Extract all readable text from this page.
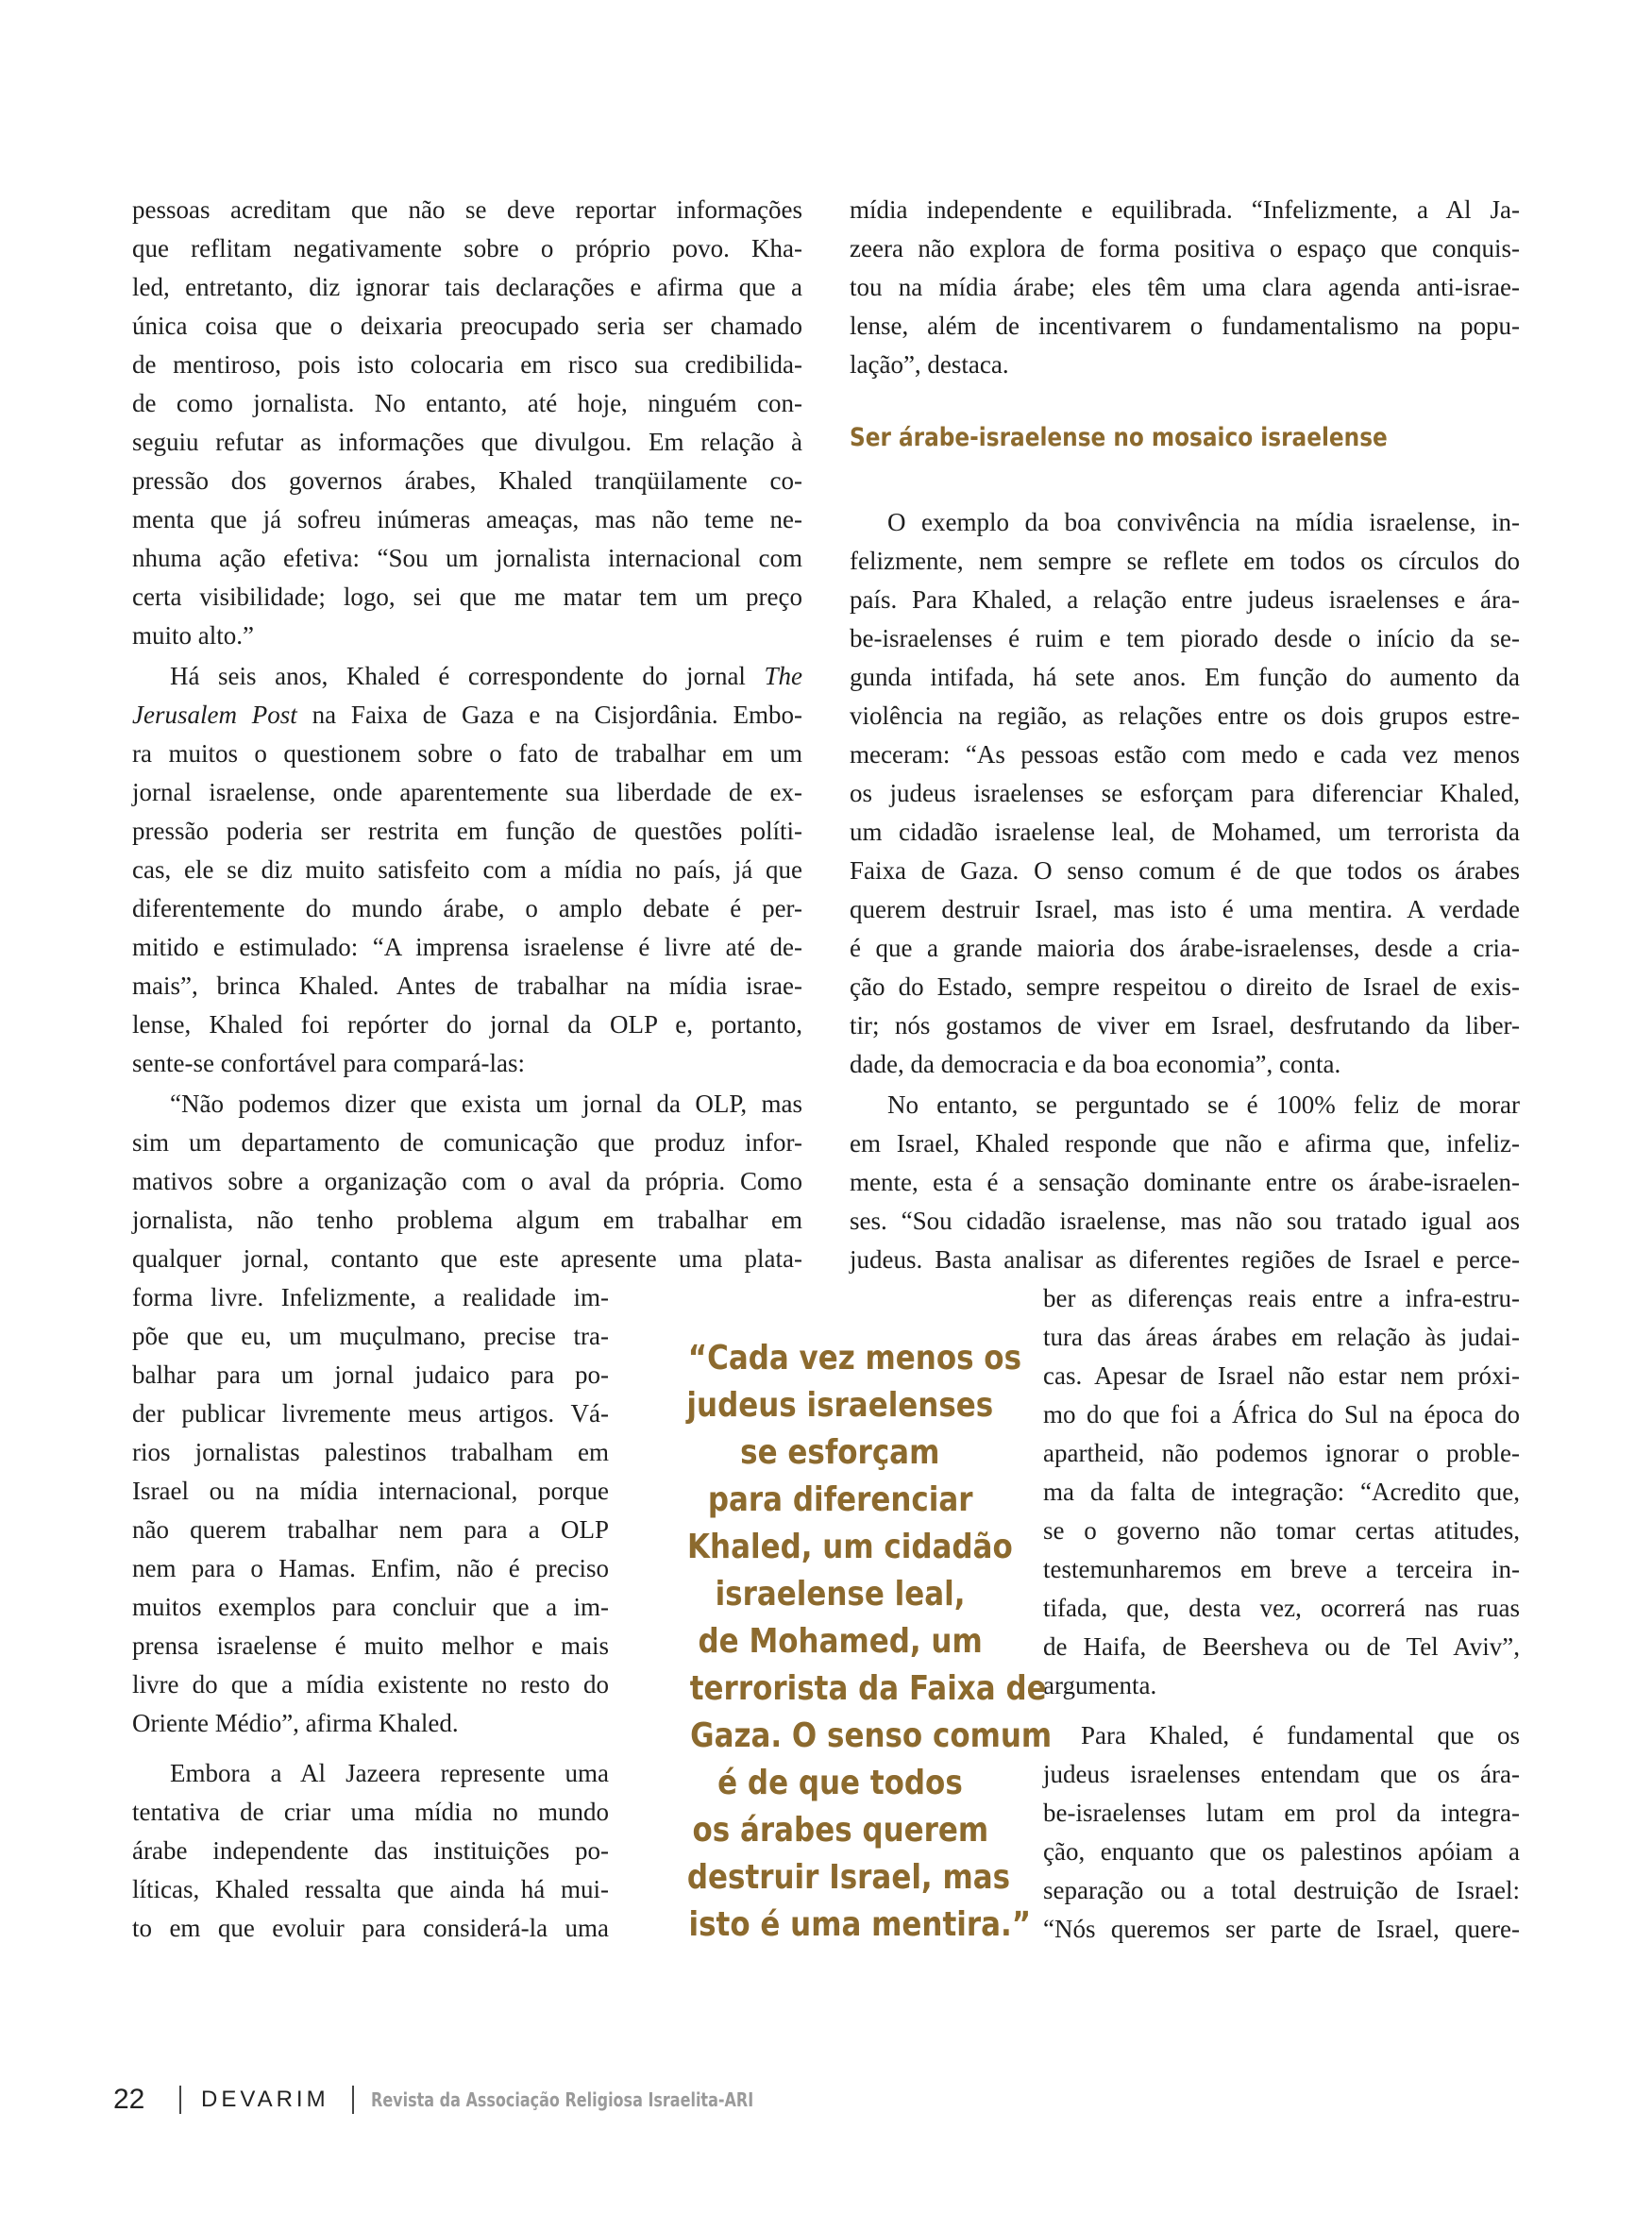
pessoas acreditam que não se deve reportar informações
que reflitam negativamente sobre o próprio povo. Kha-
led, entretanto, diz ignorar tais declarações e afirma que a
única coisa que o deixaria preocupado seria ser chamado
de mentiroso, pois isto colocaria em risco sua credibilida-
de como jornalista. No entanto, até hoje, ninguém con-
seguiu refutar as informações que divulgou. Em relação à
pressão dos governos árabes, Khaled tranqüilamente co-
menta que já sofreu inúmeras ameaças, mas não teme ne-
nhuma ação efetiva: “Sou um jornalista internacional com
certa visibilidade; logo, sei que me matar tem um preço
muito alto.”
Há seis anos, Khaled é correspondente do jornal The
Jerusalem Post na Faixa de Gaza e na Cisjordânia. Embo-
ra muitos o questionem sobre o fato de trabalhar em um
jornal israelense, onde aparentemente sua liberdade de ex-
pressão poderia ser restrita em função de questões políti-
cas, ele se diz muito satisfeito com a mídia no país, já que
diferentemente do mundo árabe, o amplo debate é per-
mitido e estimulado: “A imprensa israelense é livre até de-
mais”, brinca Khaled. Antes de trabalhar na mídia israe-
lense, Khaled foi repórter do jornal da OLP e, portanto,
sente-se confortável para compará-las:
“Não podemos dizer que exista um jornal da OLP, mas
sim um departamento de comunicação que produz infor-
mativos sobre a organização com o aval da própria. Como
jornalista, não tenho problema algum em trabalhar em
qualquer jornal, contanto que este apresente uma plata-
forma livre. Infelizmente, a realidade im-
põe que eu, um muçulmano, precise tra-
balhar para um jornal judaico para po-
der publicar livremente meus artigos. Vá-
rios jornalistas palestinos trabalham em
Israel ou na mídia internacional, porque
não querem trabalhar nem para a OLP
nem para o Hamas. Enfim, não é preciso
muitos exemplos para concluir que a im-
prensa israelense é muito melhor e mais
livre do que a mídia existente no resto do
Oriente Médio”, afirma Khaled.
Embora a Al Jazeera represente uma
tentativa de criar uma mídia no mundo
árabe independente das instituições po-
líticas, Khaled ressalta que ainda há mui-
to em que evoluir para considerá-la uma
mídia independente e equilibrada. “Infelizmente, a Al Ja-
zeera não explora de forma positiva o espaço que conquis-
tou na mídia árabe; eles têm uma clara agenda anti-israe-
lense, além de incentivarem o fundamentalismo na popu-
lação”, destaca.
Ser árabe-israelense no mosaico israelense
O exemplo da boa convivência na mídia israelense, in-
felizmente, nem sempre se reflete em todos os círculos do
país. Para Khaled, a relação entre judeus israelenses e ára-
be-israelenses é ruim e tem piorado desde o início da se-
gunda intifada, há sete anos. Em função do aumento da
violência na região, as relações entre os dois grupos estre-
meceram: “As pessoas estão com medo e cada vez menos
os judeus israelenses se esforçam para diferenciar Khaled,
um cidadão israelense leal, de Mohamed, um terrorista da
Faixa de Gaza. O senso comum é de que todos os árabes
querem destruir Israel, mas isto é uma mentira. A verdade
é que a grande maioria dos árabe-israelenses, desde a cria-
ção do Estado, sempre respeitou o direito de Israel de exis-
tir; nós gostamos de viver em Israel, desfrutando da liber-
dade, da democracia e da boa economia”, conta.
No entanto, se perguntado se é 100% feliz de morar
em Israel, Khaled responde que não e afirma que, infeliz-
mente, esta é a sensação dominante entre os árabe-israelen-
ses. “Sou cidadão israelense, mas não sou tratado igual aos
judeus. Basta analisar as diferentes regiões de Israel e perce-
ber as diferenças reais entre a infra-estru-
tura das áreas árabes em relação às judai-
cas. Apesar de Israel não estar nem próxi-
mo do que foi a África do Sul na época do
apartheid, não podemos ignorar o proble-
ma da falta de integração: “Acredito que,
se o governo não tomar certas atitudes,
testemunharemos em breve a terceira in-
tifada, que, desta vez, ocorrerá nas ruas
de Haifa, de Beersheva ou de Tel Aviv”,
argumenta.
Para Khaled, é fundamental que os
judeus israelenses entendam que os ára-
be-israelenses lutam em prol da integra-
ção, enquanto que os palestinos apóiam a
separação ou a total destruição de Israel:
“Nós queremos ser parte de Israel, quere-
“Cada vez menos os
judeus israelenses
se esforçam
para diferenciar
Khaled, um cidadão
israelense leal,
de Mohamed, um
terrorista da Faixa de
Gaza. O senso comum
é de que todos
os árabes querem
destruir Israel, mas
isto é uma mentira.”
22 DEVARIM Revista da Associação Religiosa Israelita-ARI
